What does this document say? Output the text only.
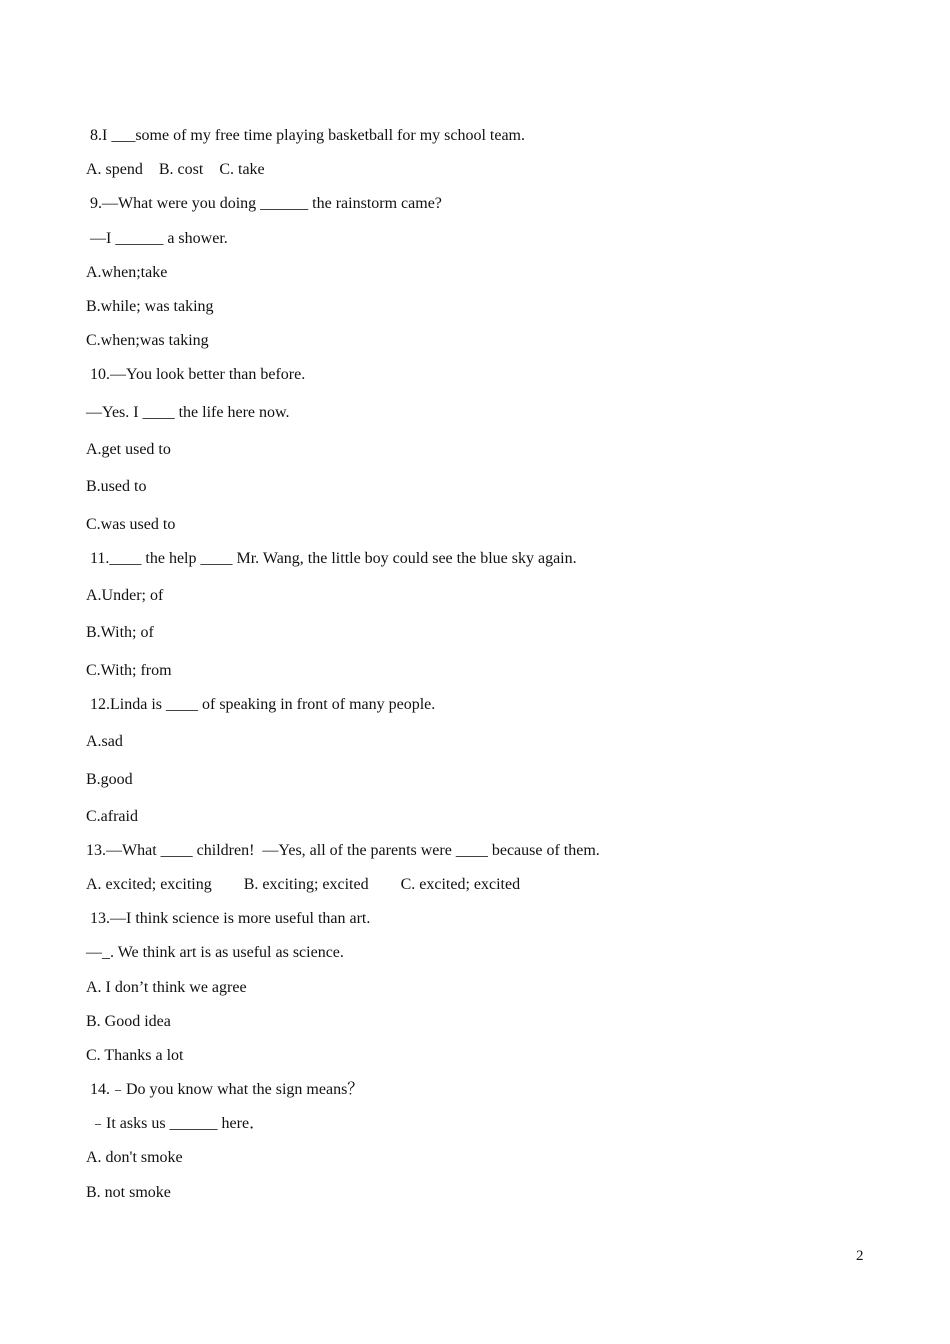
8.I ___some of my free time playing basketball for my school team.
A. spend    B. cost    C. take
9.—What were you doing ______ the rainstorm came?
—I ______ a shower.
A.when;take
B.while; was taking
C.when;was taking
10.—You look better than before.
—Yes. I ____ the life here now.
A.get used to
B.used to
C.was used to
11.____ the help ____ Mr. Wang, the little boy could see the blue sky again.
A.Under; of
B.With; of
C.With; from
12.Linda is ____ of speaking in front of many people.
A.sad
B.good
C.afraid
13.—What ____ children!  —Yes, all of the parents were ____ because of them.
A. excited; exciting        B. exciting; excited        C. excited; excited
13.—I think science is more useful than art.
—_. We think art is as useful as science.
A. I don’t think we agree
B. Good idea
C. Thanks a lot
14.﹣Do you know what the sign means？
﹣It asks us ______ here．
A. don't smoke
B. not smoke
2
